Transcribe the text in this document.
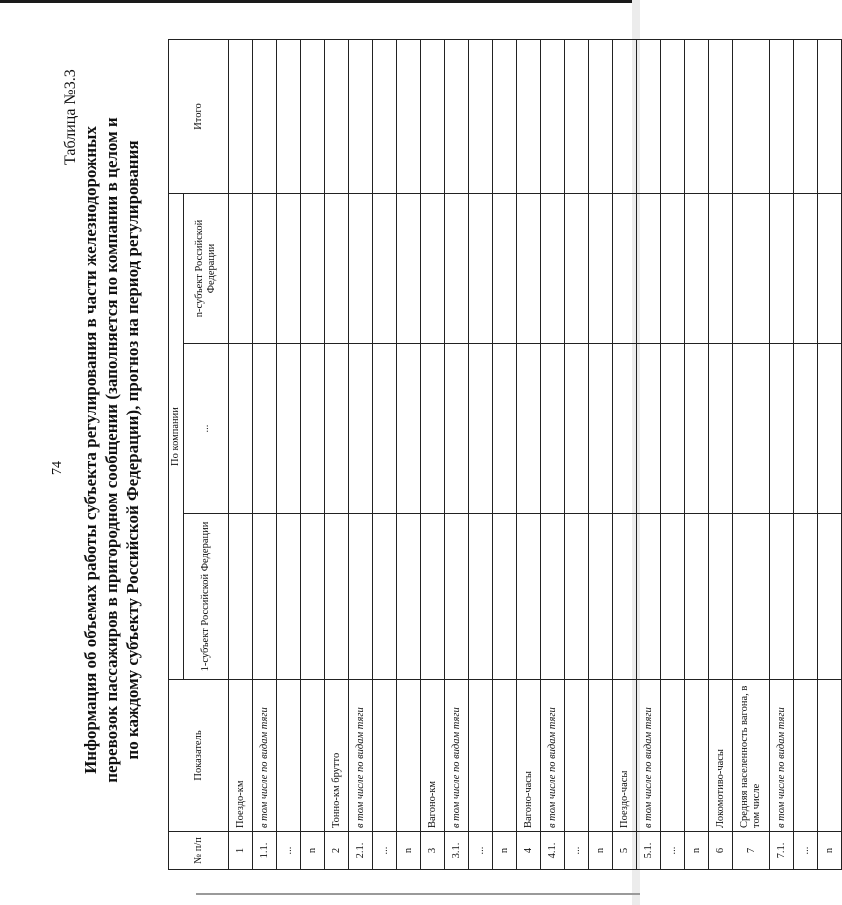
74
Таблица №3.3
Информация об объемах работы субъекта регулирования в части железнодорожных перевозок пассажиров в пригородном сообщении (заполняется по компании в целом и по каждому субъекту Российской Федерации), прогноз на период регулирования
№ п/п	Показатель	По компании			Итого
		1-субъект Российской Федерации	...	n-субъект Российской Федерации	
1	Поездо-км				
1.1.	в том числе по видам тяги				
...					
n					
2	Тонно-км брутто				
2.1.	в том числе по видам тяги				
...					
n					
3	Вагоно-км				
3.1.	в том числе по видам тяги				
...					
n					
4	Вагоно-часы				
4.1.	в том числе по видам тяги				
...					
n					
5	Поездо-часы				
5.1.	в том числе по видам тяги				
...					
n					
6	Локомотиво-часы				
7	Средняя населенность вагона, в том числе				
7.1.	в том числе по видам тяги				
...					
n					
